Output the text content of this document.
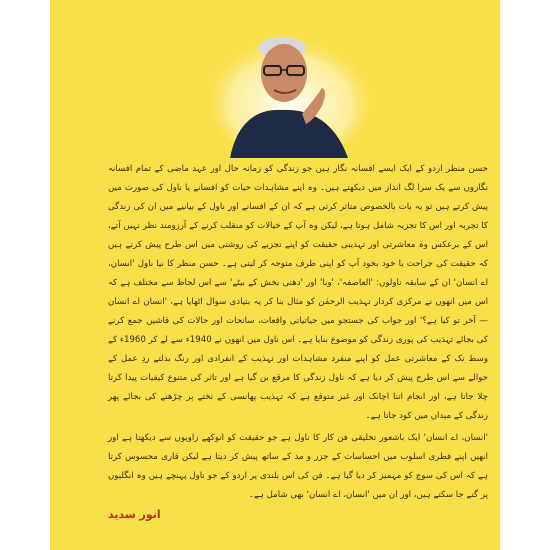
حسن منظر اردو کے ایک ایسے افسانہ نگار ہیں جو زندگی کو زمانہ حال اور عہد ماضی کے تمام افسانہ نگاروں سے یک سرا لگ انداز میں دیکھتے ہیں۔ وہ اپنے مشاہدات حیات کو افسانے یا ناول کی صورت میں پیش کرتے ہیں تو یہ بات بالخصوص متاثر کرتی ہے کہ ان کے افسانے اور ناول کے بیانیے میں ان کی زندگی کا تجربہ اور اس کا تجزیہ شامل ہوتا ہے، لیکن وہ آپ کے خیالات کو منقلب کرنے کے آرزومند نظر نہیں آتے، اس کے برعکس وہ معاشرتی اور تہذیبی حقیقت کو اپنے تجزیے کی روشنی میں اس طرح پیش کرتے ہیں کہ حقیقت کی جراحت یا خود بخود آپ کو اپنی طرف متوجہ کر لیتی ہے۔ حسن منظر کا نیا ناول 'انسان، اے انسان' ان کے سابقہ ناولوں: 'العاصفہ'، 'وبا' اور 'دھنی بخش کے بیٹے' سے اس لحاظ سے مختلف ہے کہ اس میں انھوں نے مرکزی کردار تہذیب الرحمٰن کو مثال بنا کر یہ بنیادی سوال اٹھایا ہے، 'انسان اے انسان — آخر تو کیا ہے؟' اور جواب کی جستجو میں حیاتیاتی واقعات، سانحات اور حالات کی قاشیں جمع کرنے کی بجائے تہذیب کی پوری زندگی کو موضوع بنایا ہے۔ اس ناول میں انھوں نے 1940ء سے لے کر 1960ء کے وسط تک کے معاشرتی عمل کو اپنے منفرد مشاہدات اور تہذیب کے انفرادی اور رنگ بدلتے ردِ عمل کے حوالے سے اس طرح پیش کر دیا ہے کہ ناول زندگی کا مرقع بن گیا ہے اور تاثر کی متنوع کیفیات پیدا کرتا چلا جاتا ہے، اور انجام اتنا اچانک اور غیر متوقع ہے کہ تہذیب پھانسی کے تختے پر چڑھنے کی بجائے پھر زندگی کے میدان میں کود جاتا ہے۔

'انسان، اے انسان' ایک باشعور تخلیقی فن کار کا ناول ہے جو حقیقت کو انوکھے زاویوں سے دیکھتا ہے اور انھیں اپنے فطری اسلوب میں احساسات کے جزر و مد کے ساتھ پیش کر دیتا ہے لیکن قاری محسوس کرتا ہے کہ اس کی سوچ کو مہمیز کر دیا گیا ہے۔ فن کی اس بلندی پر اردو کے جو ناول پہنچے ہیں وہ انگلیوں پر گنے جا سکتے ہیں، اور ان میں 'انسان، اے انسان' بھی شامل ہے۔

انور سدید
